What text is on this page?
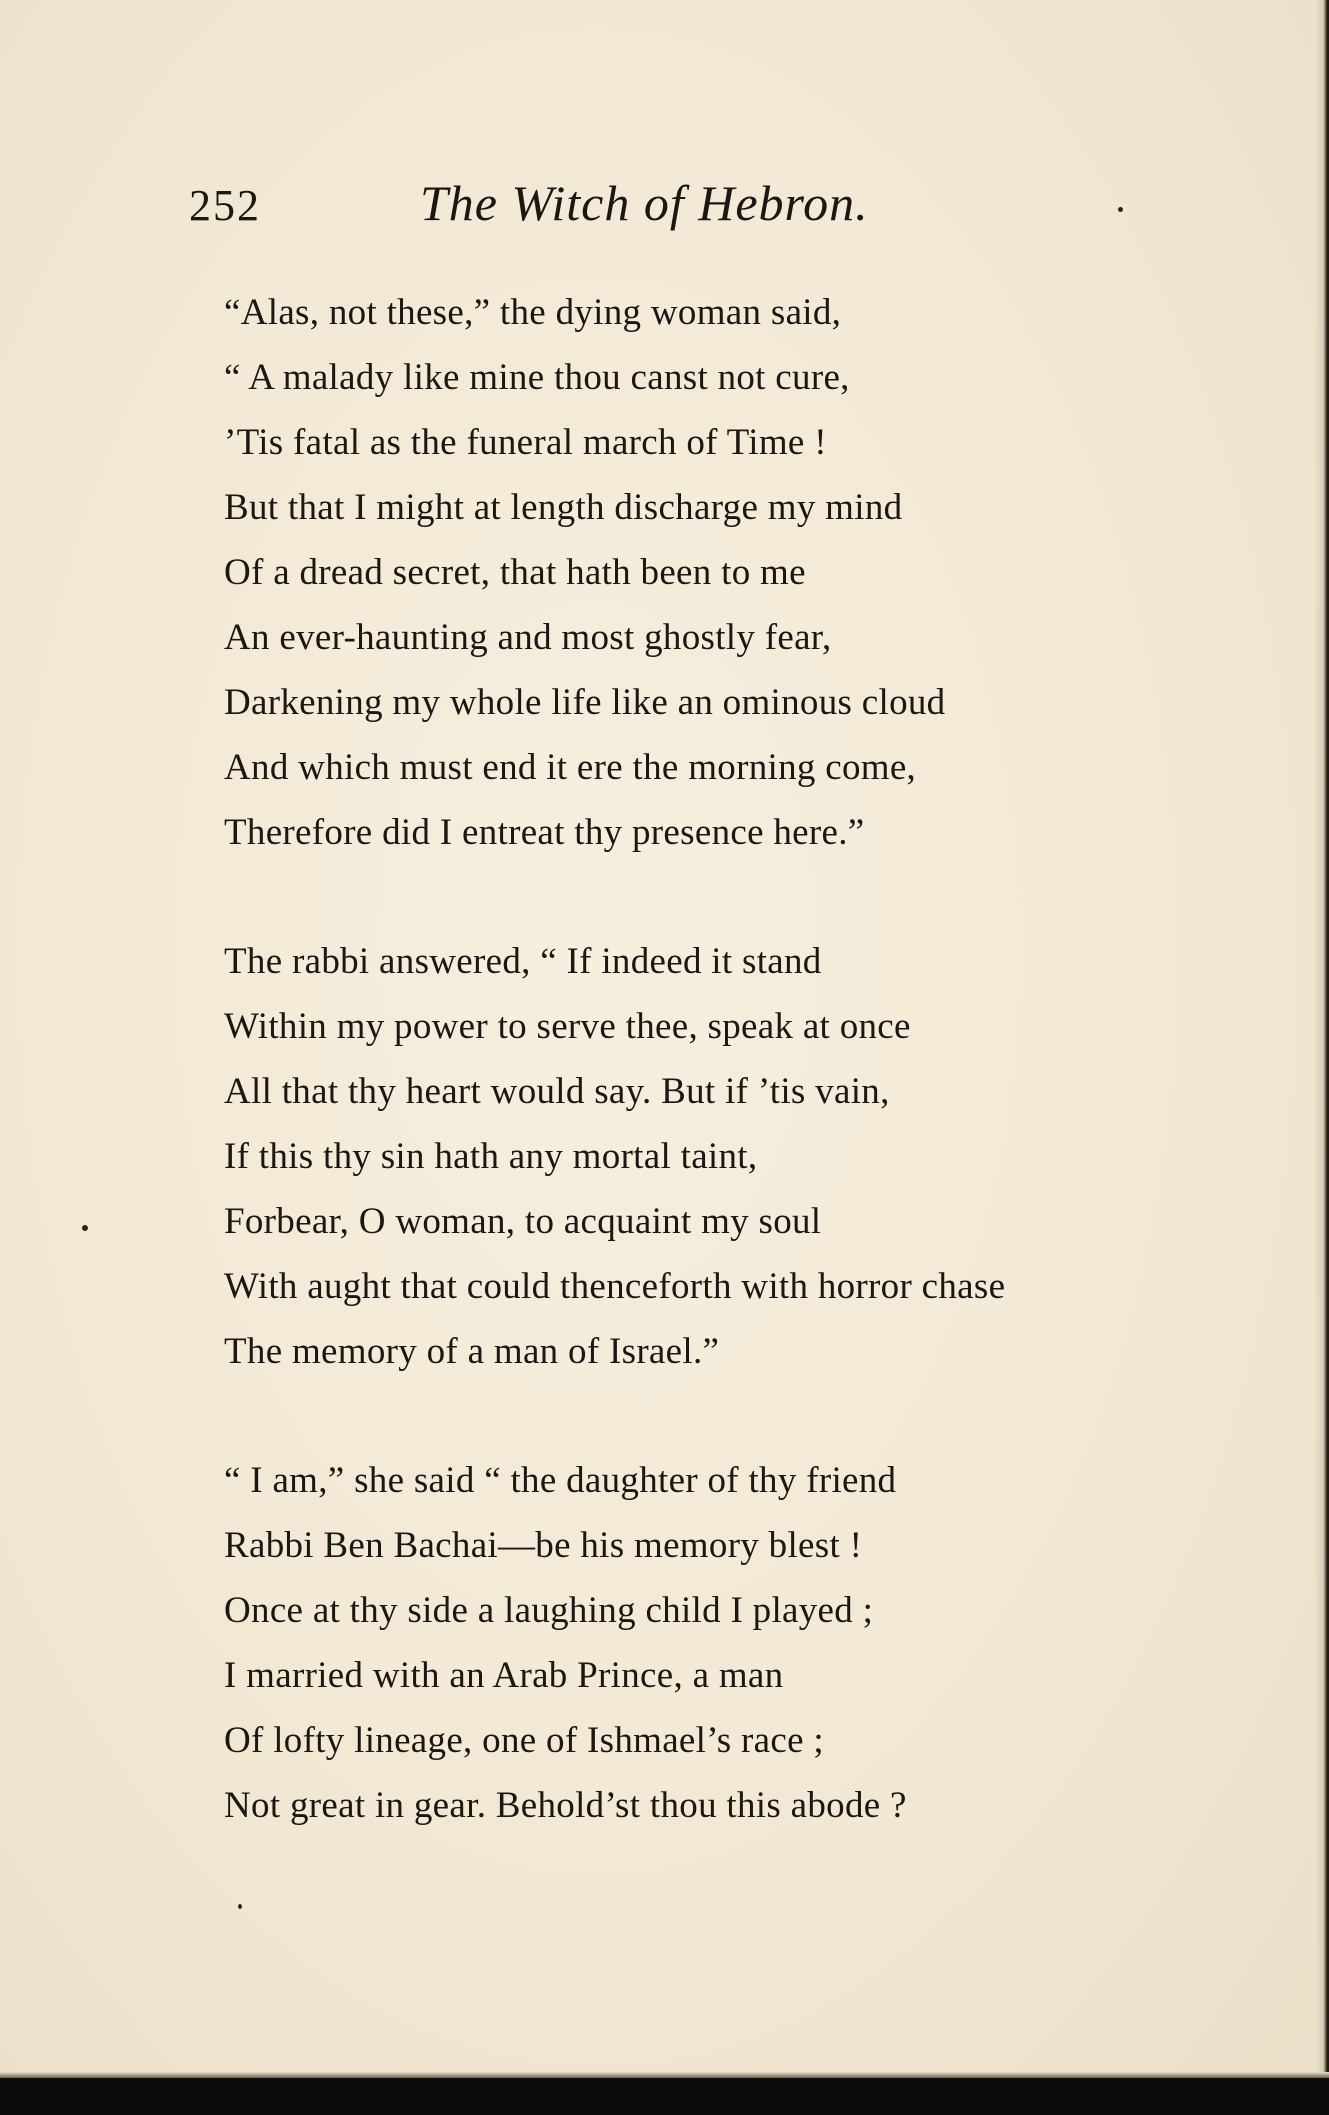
252	The Witch of Hebron.
“Alas, not these,” the dying woman said,
“ A malady like mine thou canst not cure,
’Tis fatal as the funeral march of Time !
But that I might at length discharge my mind
Of a dread secret, that hath been to me
An ever-haunting and most ghostly fear,
Darkening my whole life like an ominous cloud
And which must end it ere the morning come,
Therefore did I entreat thy presence here.”
The rabbi answered, “ If indeed it stand
Within my power to serve thee, speak at once
All that thy heart would say. But if ’tis vain,
If this thy sin hath any mortal taint,
Forbear, O woman, to acquaint my soul
With aught that could thenceforth with horror chase
The memory of a man of Israel.”
“ I am,” she said “ the daughter of thy friend
Rabbi Ben Bachai—be his memory blest !
Once at thy side a laughing child I played ;
I married with an Arab Prince, a man
Of lofty lineage, one of Ishmael’s race ;
Not great in gear. Behold’st thou this abode ?
